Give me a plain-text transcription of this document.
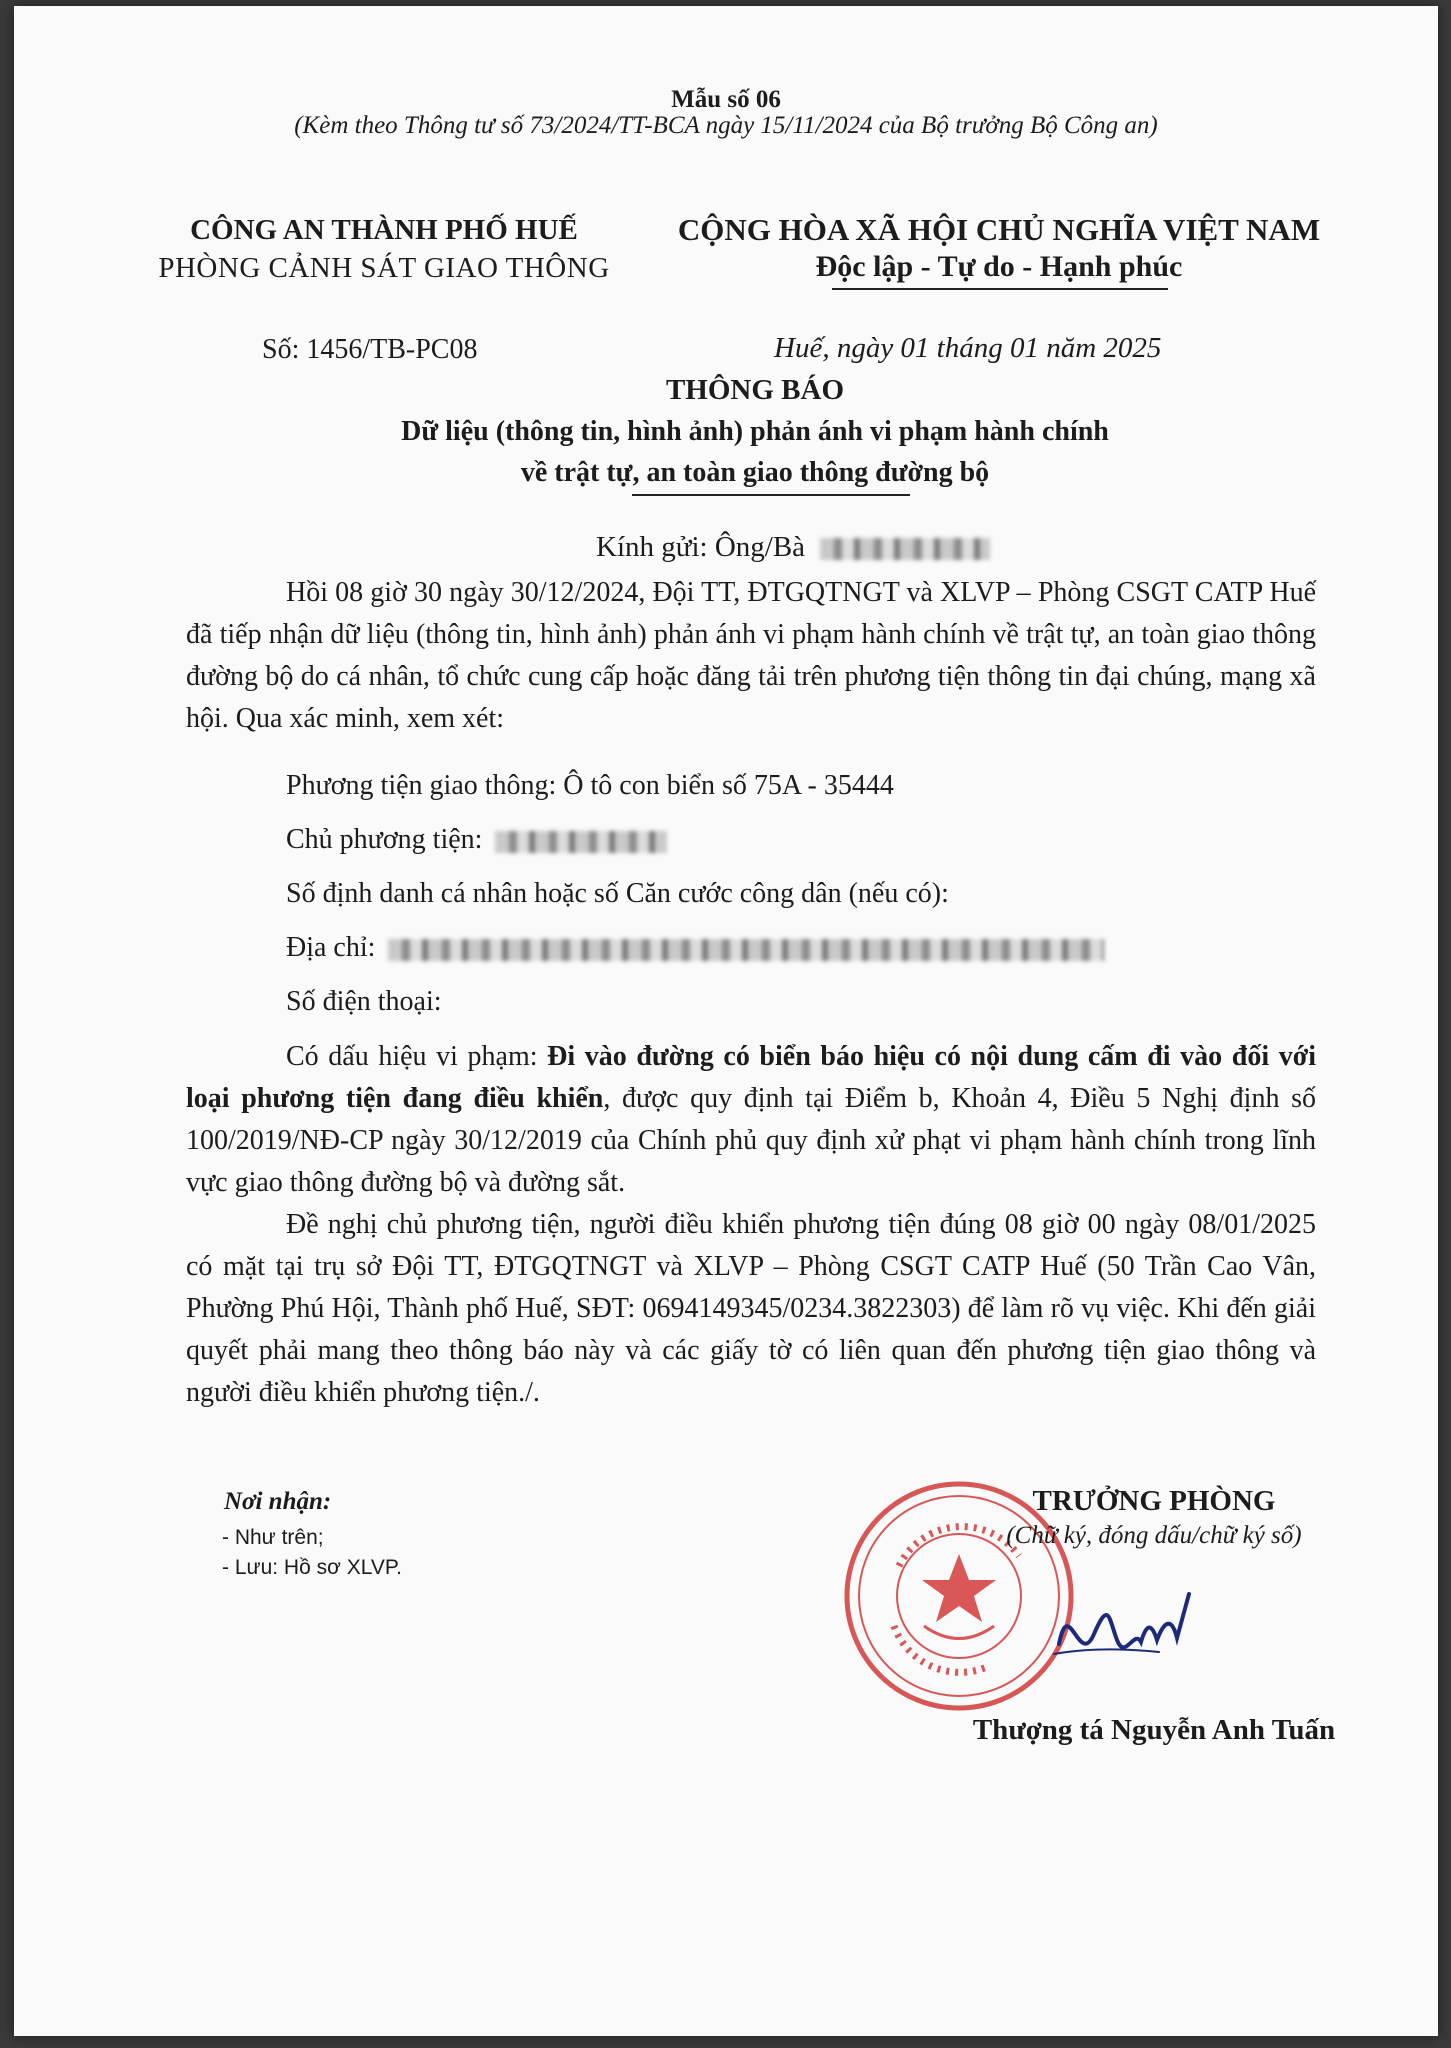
Mẫu số 06
(Kèm theo Thông tư số 73/2024/TT-BCA ngày 15/11/2024 của Bộ trưởng Bộ Công an)
CÔNG AN THÀNH PHỐ HUẾ
PHÒNG CẢNH SÁT GIAO THÔNG
CỘNG HÒA XÃ HỘI CHỦ NGHĨA VIỆT NAM
Độc lập - Tự do - Hạnh phúc
Số: 1456/TB-PC08	Huế, ngày 01 tháng 01 năm 2025
THÔNG BÁO
Dữ liệu (thông tin, hình ảnh) phản ánh vi phạm hành chính
về trật tự, an toàn giao thông đường bộ
Kính gửi: Ông/Bà

Hồi 08 giờ 30 ngày 30/12/2024, Đội TT, ĐTGQTNGT và XLVP – Phòng CSGT CATP Huế đã tiếp nhận dữ liệu (thông tin, hình ảnh) phản ánh vi phạm hành chính về trật tự, an toàn giao thông đường bộ do cá nhân, tổ chức cung cấp hoặc đăng tải trên phương tiện thông tin đại chúng, mạng xã hội. Qua xác minh, xem xét:

Phương tiện giao thông: Ô tô con biển số 75A - 35444
Chủ phương tiện:
Số định danh cá nhân hoặc số Căn cước công dân (nếu có):
Địa chỉ:
Số điện thoại:

Có dấu hiệu vi phạm: Đi vào đường có biển báo hiệu có nội dung cấm đi vào đối với loại phương tiện đang điều khiển, được quy định tại Điểm b, Khoản 4, Điều 5 Nghị định số 100/2019/NĐ-CP ngày 30/12/2019 của Chính phủ quy định xử phạt vi phạm hành chính trong lĩnh vực giao thông đường bộ và đường sắt.

Đề nghị chủ phương tiện, người điều khiển phương tiện đúng 08 giờ 00 ngày 08/01/2025 có mặt tại trụ sở Đội TT, ĐTGQTNGT và XLVP – Phòng CSGT CATP Huế (50 Trần Cao Vân, Phường Phú Hội, Thành phố Huế, SĐT: 0694149345/0234.3822303) để làm rõ vụ việc. Khi đến giải quyết phải mang theo thông báo này và các giấy tờ có liên quan đến phương tiện giao thông và người điều khiển phương tiện./.

Nơi nhận:
- Như trên;
- Lưu: Hồ sơ XLVP.
TRƯỞNG PHÒNG
(Chữ ký, đóng dấu/chữ ký số)
Thượng tá Nguyễn Anh Tuấn
